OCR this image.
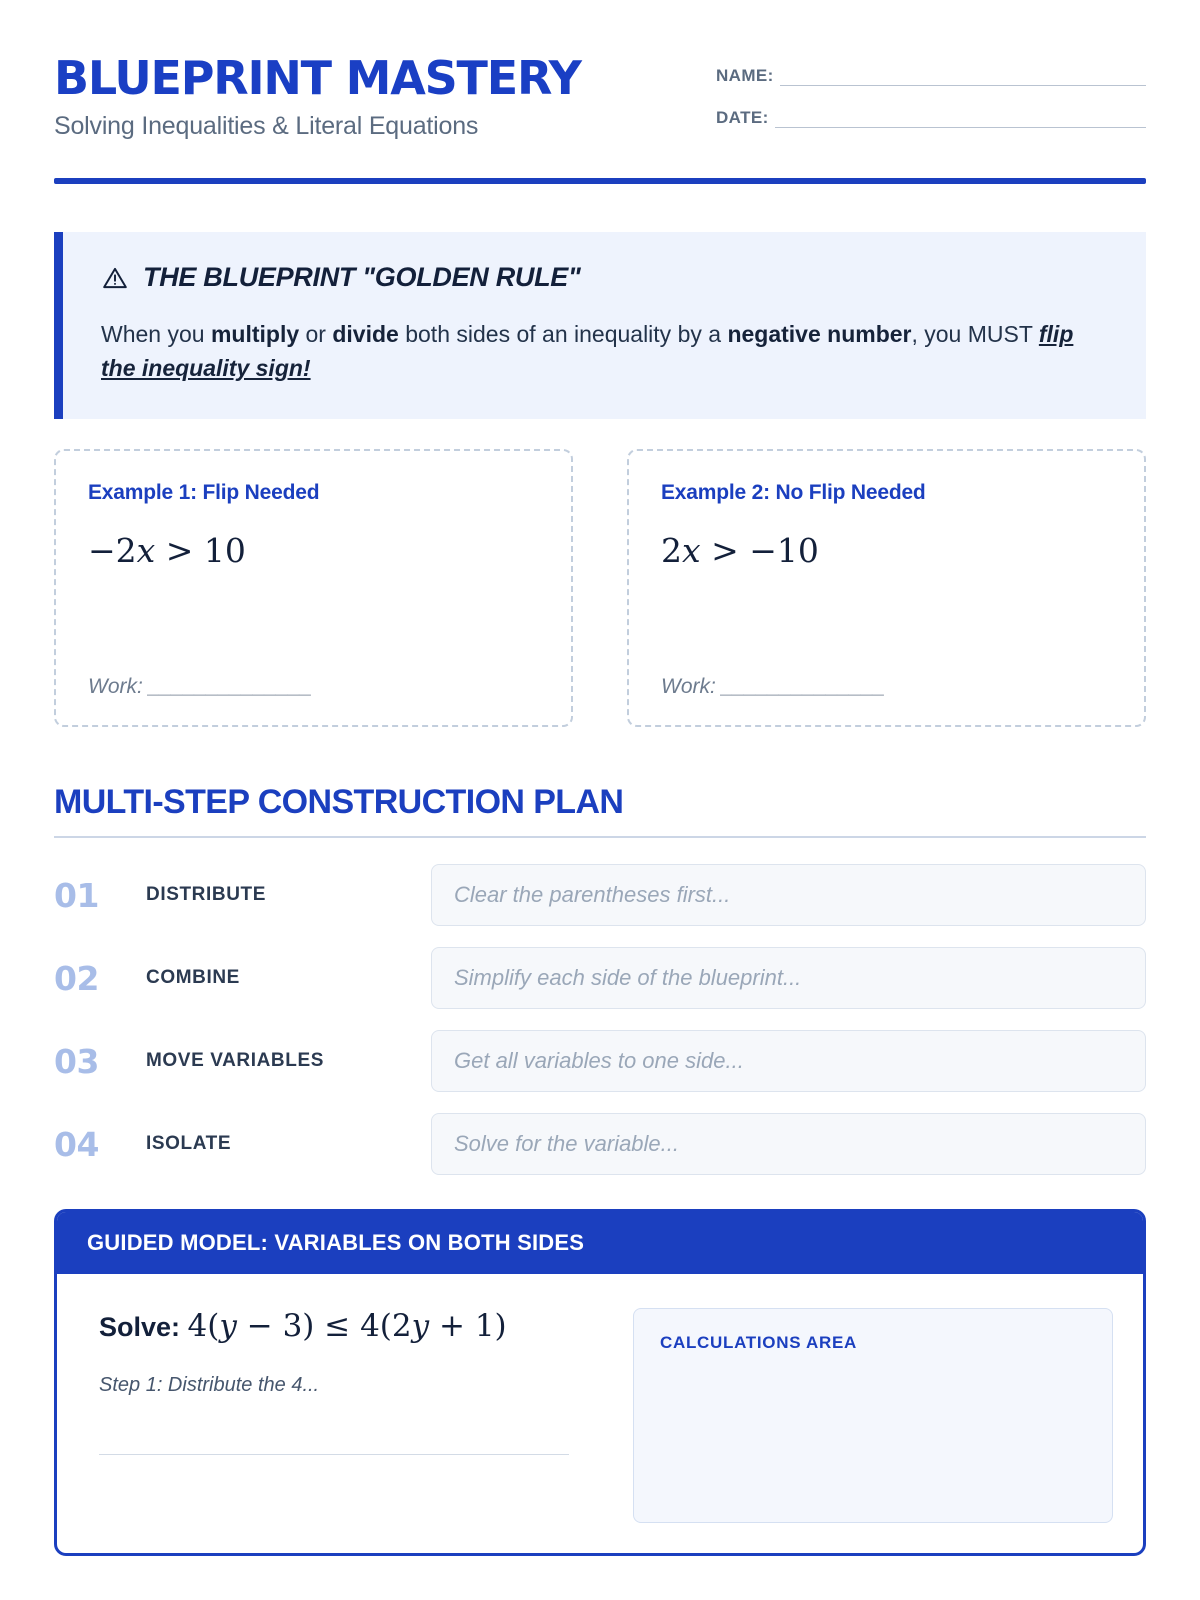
BLUEPRINT MASTERY
Solving Inequalities & Literal Equations
NAME:
DATE:
THE BLUEPRINT "GOLDEN RULE"
When you multiply or divide both sides of an inequality by a negative number, you MUST flip the inequality sign!
Example 1: Flip Needed
−2x > 10
Work: ______________
Example 2: No Flip Needed
2x > −10
Work: ______________
MULTI-STEP CONSTRUCTION PLAN
01	DISTRIBUTE	Clear the parentheses first...
02	COMBINE	Simplify each side of the blueprint...
03	MOVE VARIABLES	Get all variables to one side...
04	ISOLATE	Solve for the variable...
GUIDED MODEL: VARIABLES ON BOTH SIDES
Solve: 4(y − 3) ≤ 4(2y + 1)
Step 1: Distribute the 4...
CALCULATIONS AREA
